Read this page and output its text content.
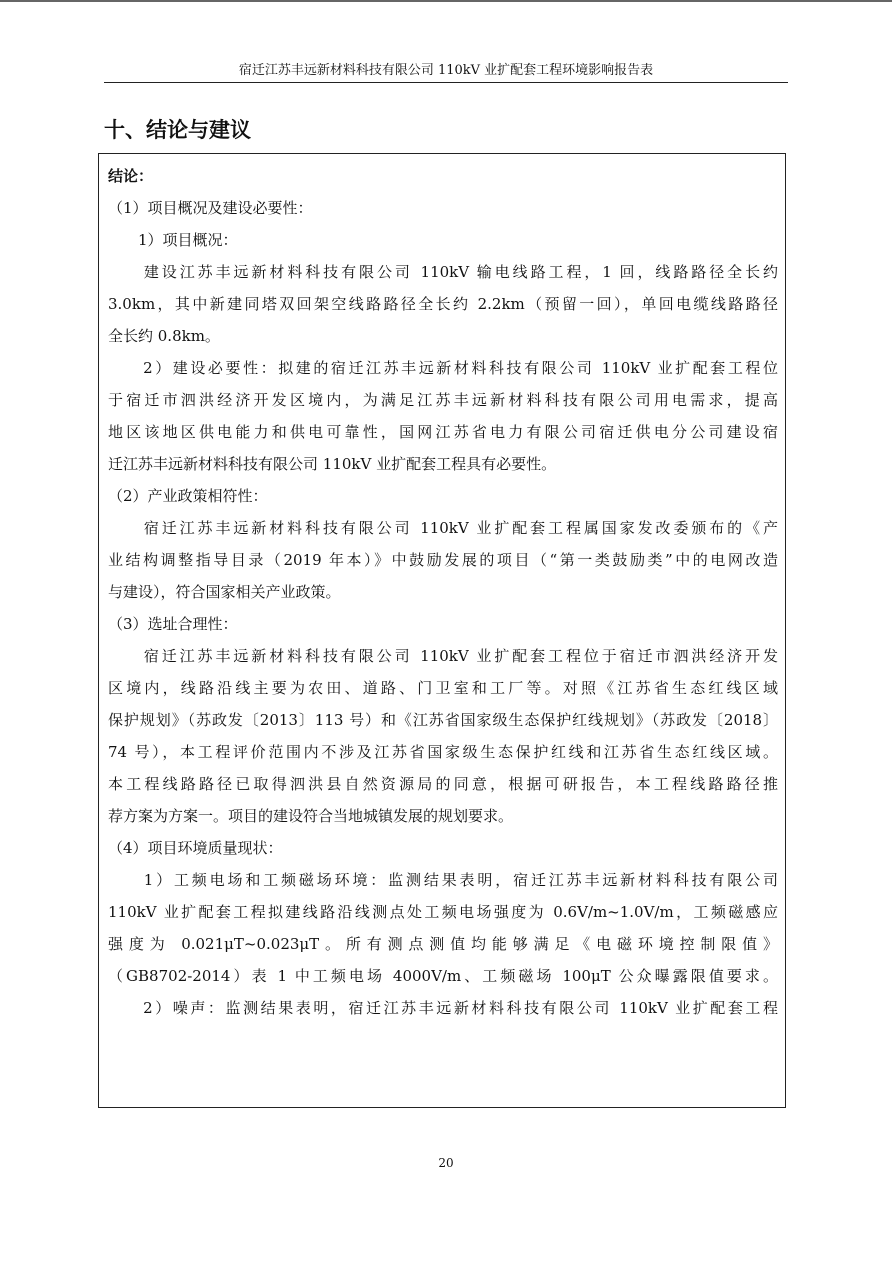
宿迁江苏丰远新材料科技有限公司 110kV 业扩配套工程环境影响报告表
十、结论与建议
结论：
（1）项目概况及建设必要性：
　　1）项目概况：
　　建设江苏丰远新材料科技有限公司 110kV 输电线路工程，1 回，线路路径全长约
3.0km，其中新建同塔双回架空线路路径全长约 2.2km（预留一回），单回电缆线路路径
全长约 0.8km。
　　2）建设必要性：拟建的宿迁江苏丰远新材料科技有限公司 110kV 业扩配套工程位
于宿迁市泗洪经济开发区境内，为满足江苏丰远新材料科技有限公司用电需求，提高
地区该地区供电能力和供电可靠性，国网江苏省电力有限公司宿迁供电分公司建设宿
迁江苏丰远新材料科技有限公司 110kV 业扩配套工程具有必要性。
（2）产业政策相符性：
　　宿迁江苏丰远新材料科技有限公司 110kV 业扩配套工程属国家发改委颁布的《产
业结构调整指导目录（2019 年本）》中鼓励发展的项目（“第一类鼓励类”中的电网改造
与建设），符合国家相关产业政策。
（3）选址合理性：
　　宿迁江苏丰远新材料科技有限公司 110kV 业扩配套工程位于宿迁市泗洪经济开发
区境内，线路沿线主要为农田、道路、门卫室和工厂等。对照《江苏省生态红线区域
保护规划》（苏政发〔2013〕113 号）和《江苏省国家级生态保护红线规划》（苏政发〔2018〕
74 号），本工程评价范围内不涉及江苏省国家级生态保护红线和江苏省生态红线区域。
本工程线路路径已取得泗洪县自然资源局的同意，根据可研报告，本工程线路路径推
荐方案为方案一。项目的建设符合当地城镇发展的规划要求。
（4）项目环境质量现状：
　　1）工频电场和工频磁场环境：监测结果表明，宿迁江苏丰远新材料科技有限公司
110kV 业扩配套工程拟建线路沿线测点处工频电场强度为 0.6V/m~1.0V/m，工频磁感应
强度为 0.021μT~0.023μT。所有测点测值均能够满足《电磁环境控制限值》
（GB8702-2014）表 1 中工频电场 4000V/m、工频磁场 100μT 公众曝露限值要求。
　　2）噪声：监测结果表明，宿迁江苏丰远新材料科技有限公司 110kV 业扩配套工程
20
